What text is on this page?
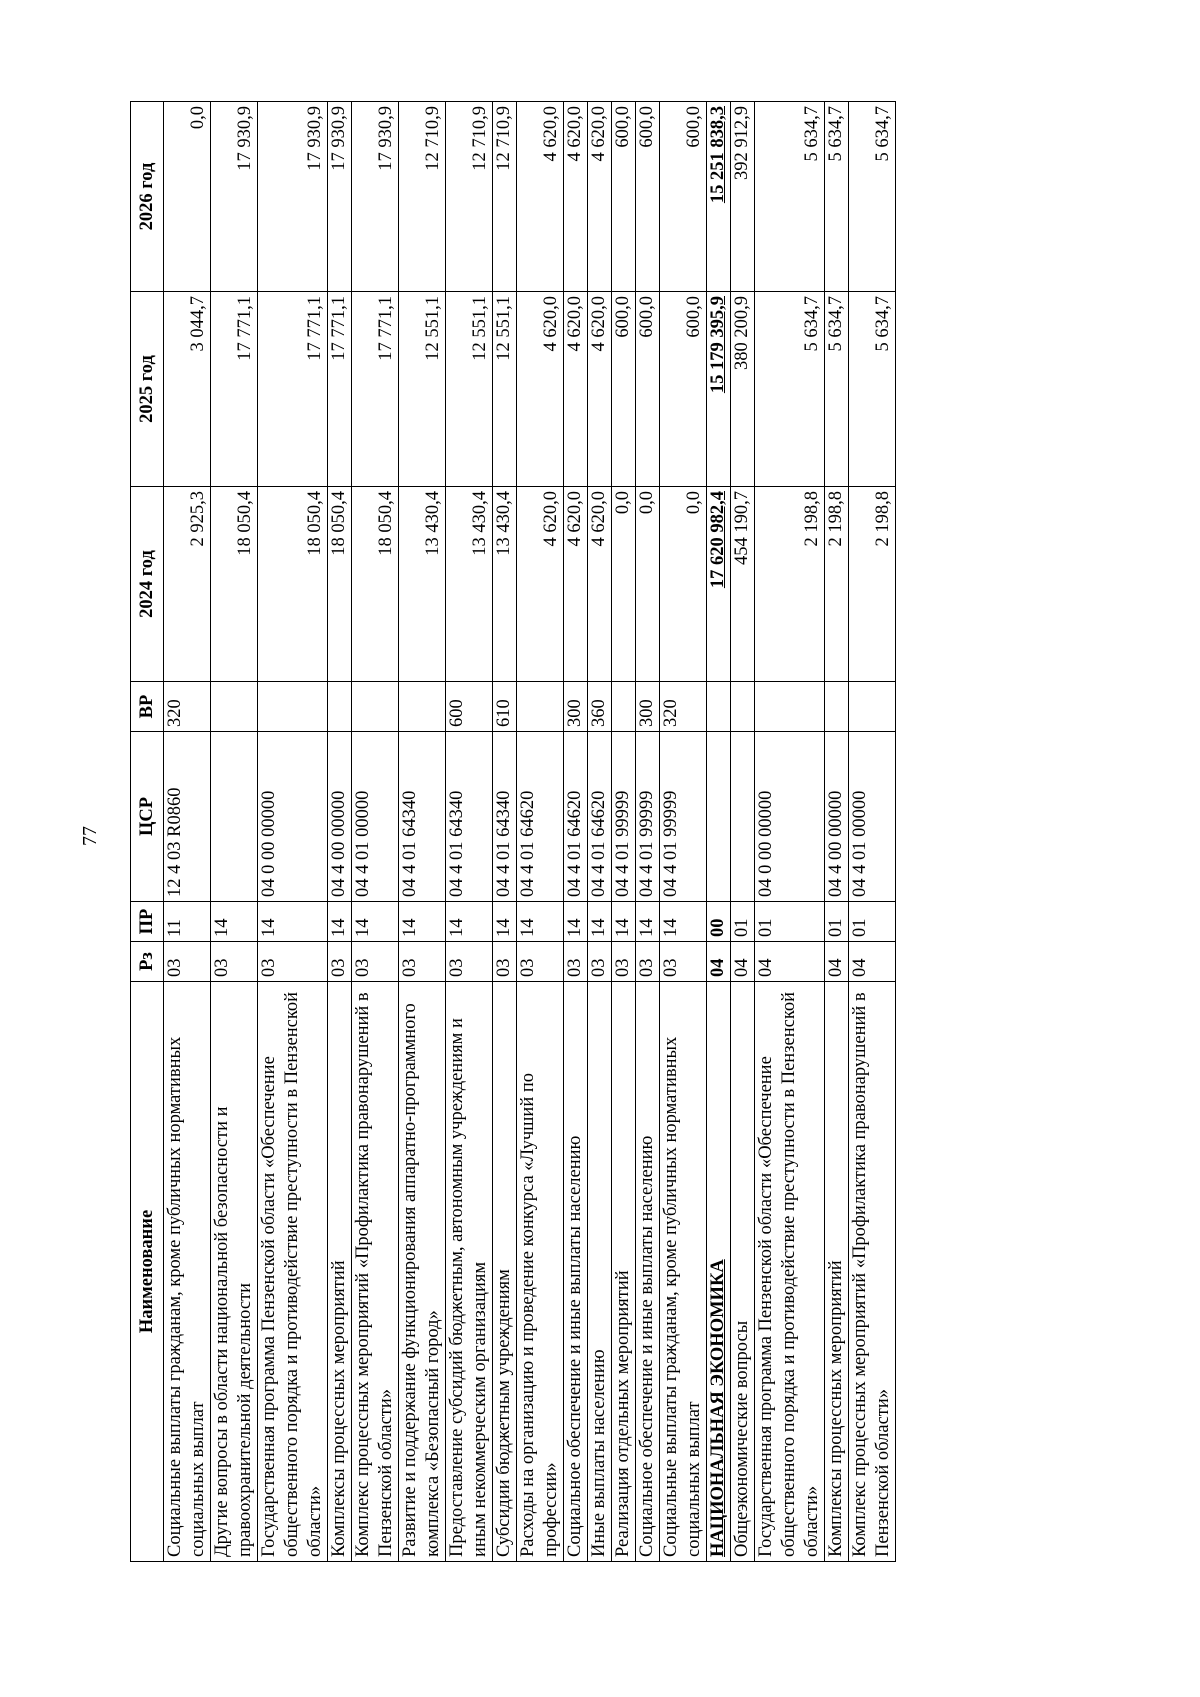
77
Наименование	Рз	ПР	ЦСР	ВР	2024 год	2025 год	2026 год
Социальные выплаты гражданам, кроме публичных нормативных социальных выплат	03	11	12 4 03 R0860	320	2 925,3	3 044,7	0,0
Другие вопросы в области национальной безопасности и правоохранительной деятельности	03	14			18 050,4	17 771,1	17 930,9
Государственная программа Пензенской области «Обеспечение общественного порядка и противодействие преступности в Пензенской области»	03	14	04 0 00 00000		18 050,4	17 771,1	17 930,9
Комплексы процессных мероприятий	03	14	04 4 00 00000		18 050,4	17 771,1	17 930,9
Комплекс процессных мероприятий «Профилактика правонарушений в Пензенской области»	03	14	04 4 01 00000		18 050,4	17 771,1	17 930,9
Развитие и поддержание функционирования аппаратно-программного комплекса «Безопасный город»	03	14	04 4 01 64340		13 430,4	12 551,1	12 710,9
Предоставление субсидий бюджетным, автономным учреждениям и иным некоммерческим организациям	03	14	04 4 01 64340	600	13 430,4	12 551,1	12 710,9
Субсидии бюджетным учреждениям	03	14	04 4 01 64340	610	13 430,4	12 551,1	12 710,9
Расходы на организацию и проведение конкурса «Лучший по профессии»	03	14	04 4 01 64620		4 620,0	4 620,0	4 620,0
Социальное обеспечение и иные выплаты населению	03	14	04 4 01 64620	300	4 620,0	4 620,0	4 620,0
Иные выплаты населению	03	14	04 4 01 64620	360	4 620,0	4 620,0	4 620,0
Реализация отдельных мероприятий	03	14	04 4 01 99999		0,0	600,0	600,0
Социальное обеспечение и иные выплаты населению	03	14	04 4 01 99999	300	0,0	600,0	600,0
Социальные выплаты гражданам, кроме публичных нормативных социальных выплат	03	14	04 4 01 99999	320	0,0	600,0	600,0
НАЦИОНАЛЬНАЯ ЭКОНОМИКА	04	00			17 620 982,4	15 179 395,9	15 251 838,3
Общеэкономические вопросы	04	01			454 190,7	380 200,9	392 912,9
Государственная программа Пензенской области «Обеспечение общественного порядка и противодействие преступности в Пензенской области»	04	01	04 0 00 00000		2 198,8	5 634,7	5 634,7
Комплексы процессных мероприятий	04	01	04 4 00 00000		2 198,8	5 634,7	5 634,7
Комплекс процессных мероприятий «Профилактика правонарушений в Пензенской области»	04	01	04 4 01 00000		2 198,8	5 634,7	5 634,7
